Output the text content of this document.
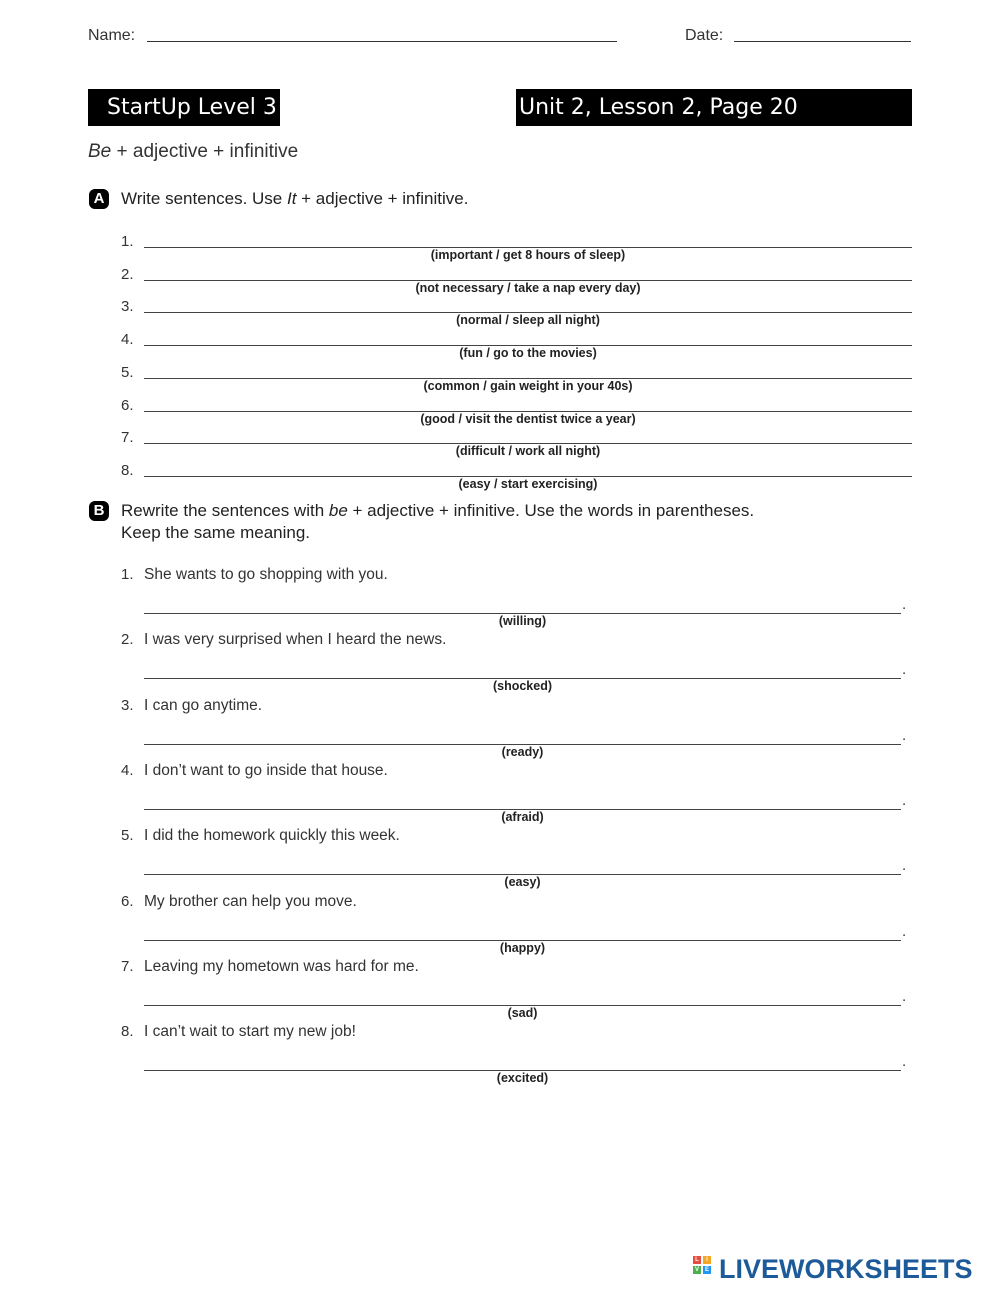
Name:	Date:
StartUp Level 3	Unit 2, Lesson 2, Page 20
Be + adjective + infinitive
A Write sentences. Use It + adjective + infinitive.
1.
(important / get 8 hours of sleep)
2.
(not necessary / take a nap every day)
3.
(normal / sleep all night)
4.
(fun / go to the movies)
5.
(common / gain weight in your 40s)
6.
(good / visit the dentist twice a year)
7.
(difficult / work all night)
8.
(easy / start exercising)
B Rewrite the sentences with be + adjective + infinitive. Use the words in parentheses.
Keep the same meaning.
1. She wants to go shopping with you.
.
(willing)
2. I was very surprised when I heard the news.
.
(shocked)
3. I can go anytime.
.
(ready)
4. I don’t want to go inside that house.
.
(afraid)
5. I did the homework quickly this week.
.
(easy)
6. My brother can help you move.
.
(happy)
7. Leaving my hometown was hard for me.
.
(sad)
8. I can’t wait to start my new job!
.
(excited)
L	I
V E LIVEWORKSHEETS
